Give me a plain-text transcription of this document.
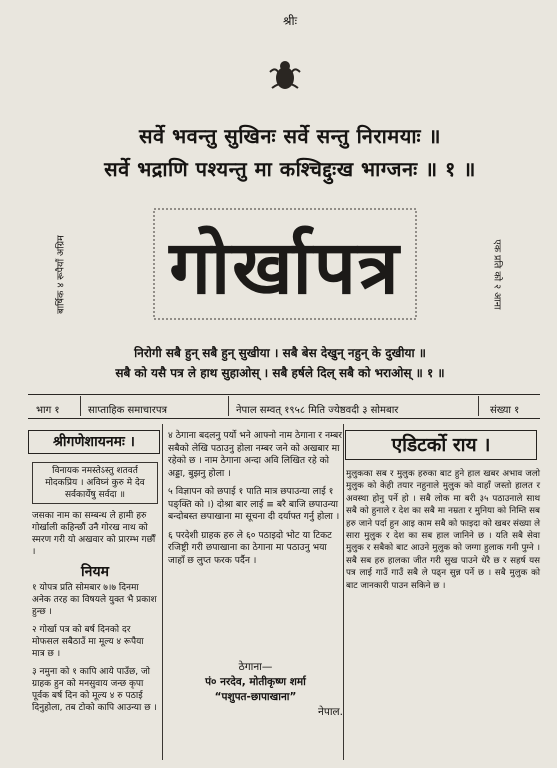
श्रीः
सर्वे भवन्तु सुखिनः सर्वे सन्तु निरामयाः ॥
सर्वे भद्राणि पश्यन्तु मा कश्चिद्दुःख भाग्जनः ॥ १ ॥
गोर्खापत्र
बार्षिक ४ रूपैयाँ अग्रिम	एक प्रति को २ आना
निरोगी सबै हुन् सबै हुन् सुखीया । सबै बेस देखुन् नहुन् के दुखीया ॥
सबै को यसै पत्र ले हाथ सुहाओस् । सबै हर्षले दिल् सबै को भराओस् ॥ १ ॥
भाग १	साप्ताहिक समाचारपत्र	नेपाल सम्वत् १९५८ मिति ज्येष्ठवदी ३ सोमबार	संख्या १
श्रीगणेशायनमः ।

विनायक नमस्तेऽस्तु शतवर्त मोदकप्रिय । अविघ्नं कुरु मे देव सर्वकार्येषु सर्वदा ॥

जसका नाम का सम्बन्ध ले हामी हरु गोर्खाली कहिन्छौं उनै गोरख नाथ को स्मरण गरी यो अखवार को प्रारम्भ गर्छौं ।

नियम

१ योपत्र प्रति सोमबार ७।७ दिनमा अनेक तरह का विषयले युक्त भै प्रकाश हुन्छ ।

२ गोर्खा पत्र को बर्ष दिनको दर मोफसल सबैठाउँ मा मूल्य ४ रूपैया मात्र छ ।

३ नमुना को १ कापि आये पाउँछ, जो ग्राहक हुन को मनसुवाय जन्छ कृपा पूर्वक बर्ष दिन को मूल्य ४ रु पठाई दिनुहोला, तब टोको कापि आउन्या छ ।

४ ठेगाना बदलनु पर्यो भने आफ्नो नाम ठेगाना र नम्बर सबैको लेखि पठाउनु होला नम्बर जने को अखबार मा रहेको छ । नाम ठेगाना अन्दा अवि लिखित रहे को अड्डा, बुझनु होला ।

५ विज्ञापन को छपाई १ पाति मात्र छपाउन्या लाई १ पङ्क्ति को ।) दोश्रा बार लाई ≡ बरै बाजि छपाउन्या बन्दोबस्त छपाखाना मा सूचना दी दर्याफ्त गर्नु होला ।

६ परदेशी ग्राहक हरु ले ६० पठाइदो भोट या टिकट रजिष्ट्री गरी छपाखाना का ठेगाना मा पठाउनु भया जाहाँ छ लुप्त फरक पर्दैन ।

ठेगाना—
पं० नरदेव, मोतीकृष्ण शर्मा
“पशुपत-छापाखाना”
नेपाल.
एडिटर्को राय ।
मुलुकका सब र मुलुक हरुका बाट हुने हाल खबर अभाव जलो मुलुक को केही तयार नहुनाले मुलुक को वाहाँ जस्तो हालत र अवस्था होनु पर्ने हो । सबै लोक मा बरी ३५ पठाउनाले साथ सबै को हुनाले र देश का सबै मा नम्रता र मुनिया को निम्ति सब हरु जाने पर्दा हुन आइ काम सबै को फाइदा को खबर संख्या ले सारा मुलुक र देश का सब हाल जानिने छ । यति सबै सेवा मुलुक र सबैको बाट आउने मुलुक को जग्गा हुलाक गनी पुग्ने । सबै सब हरु हालका जीत गरी सुख पाउने धेरै छ र सहर्ष यस पत्र लाई गाउँ गाउँ सबै ले पढ्न सुन्न पर्ने छ । सबै मुलुक को बाट जानकारी पाउन सकिने छ ।
